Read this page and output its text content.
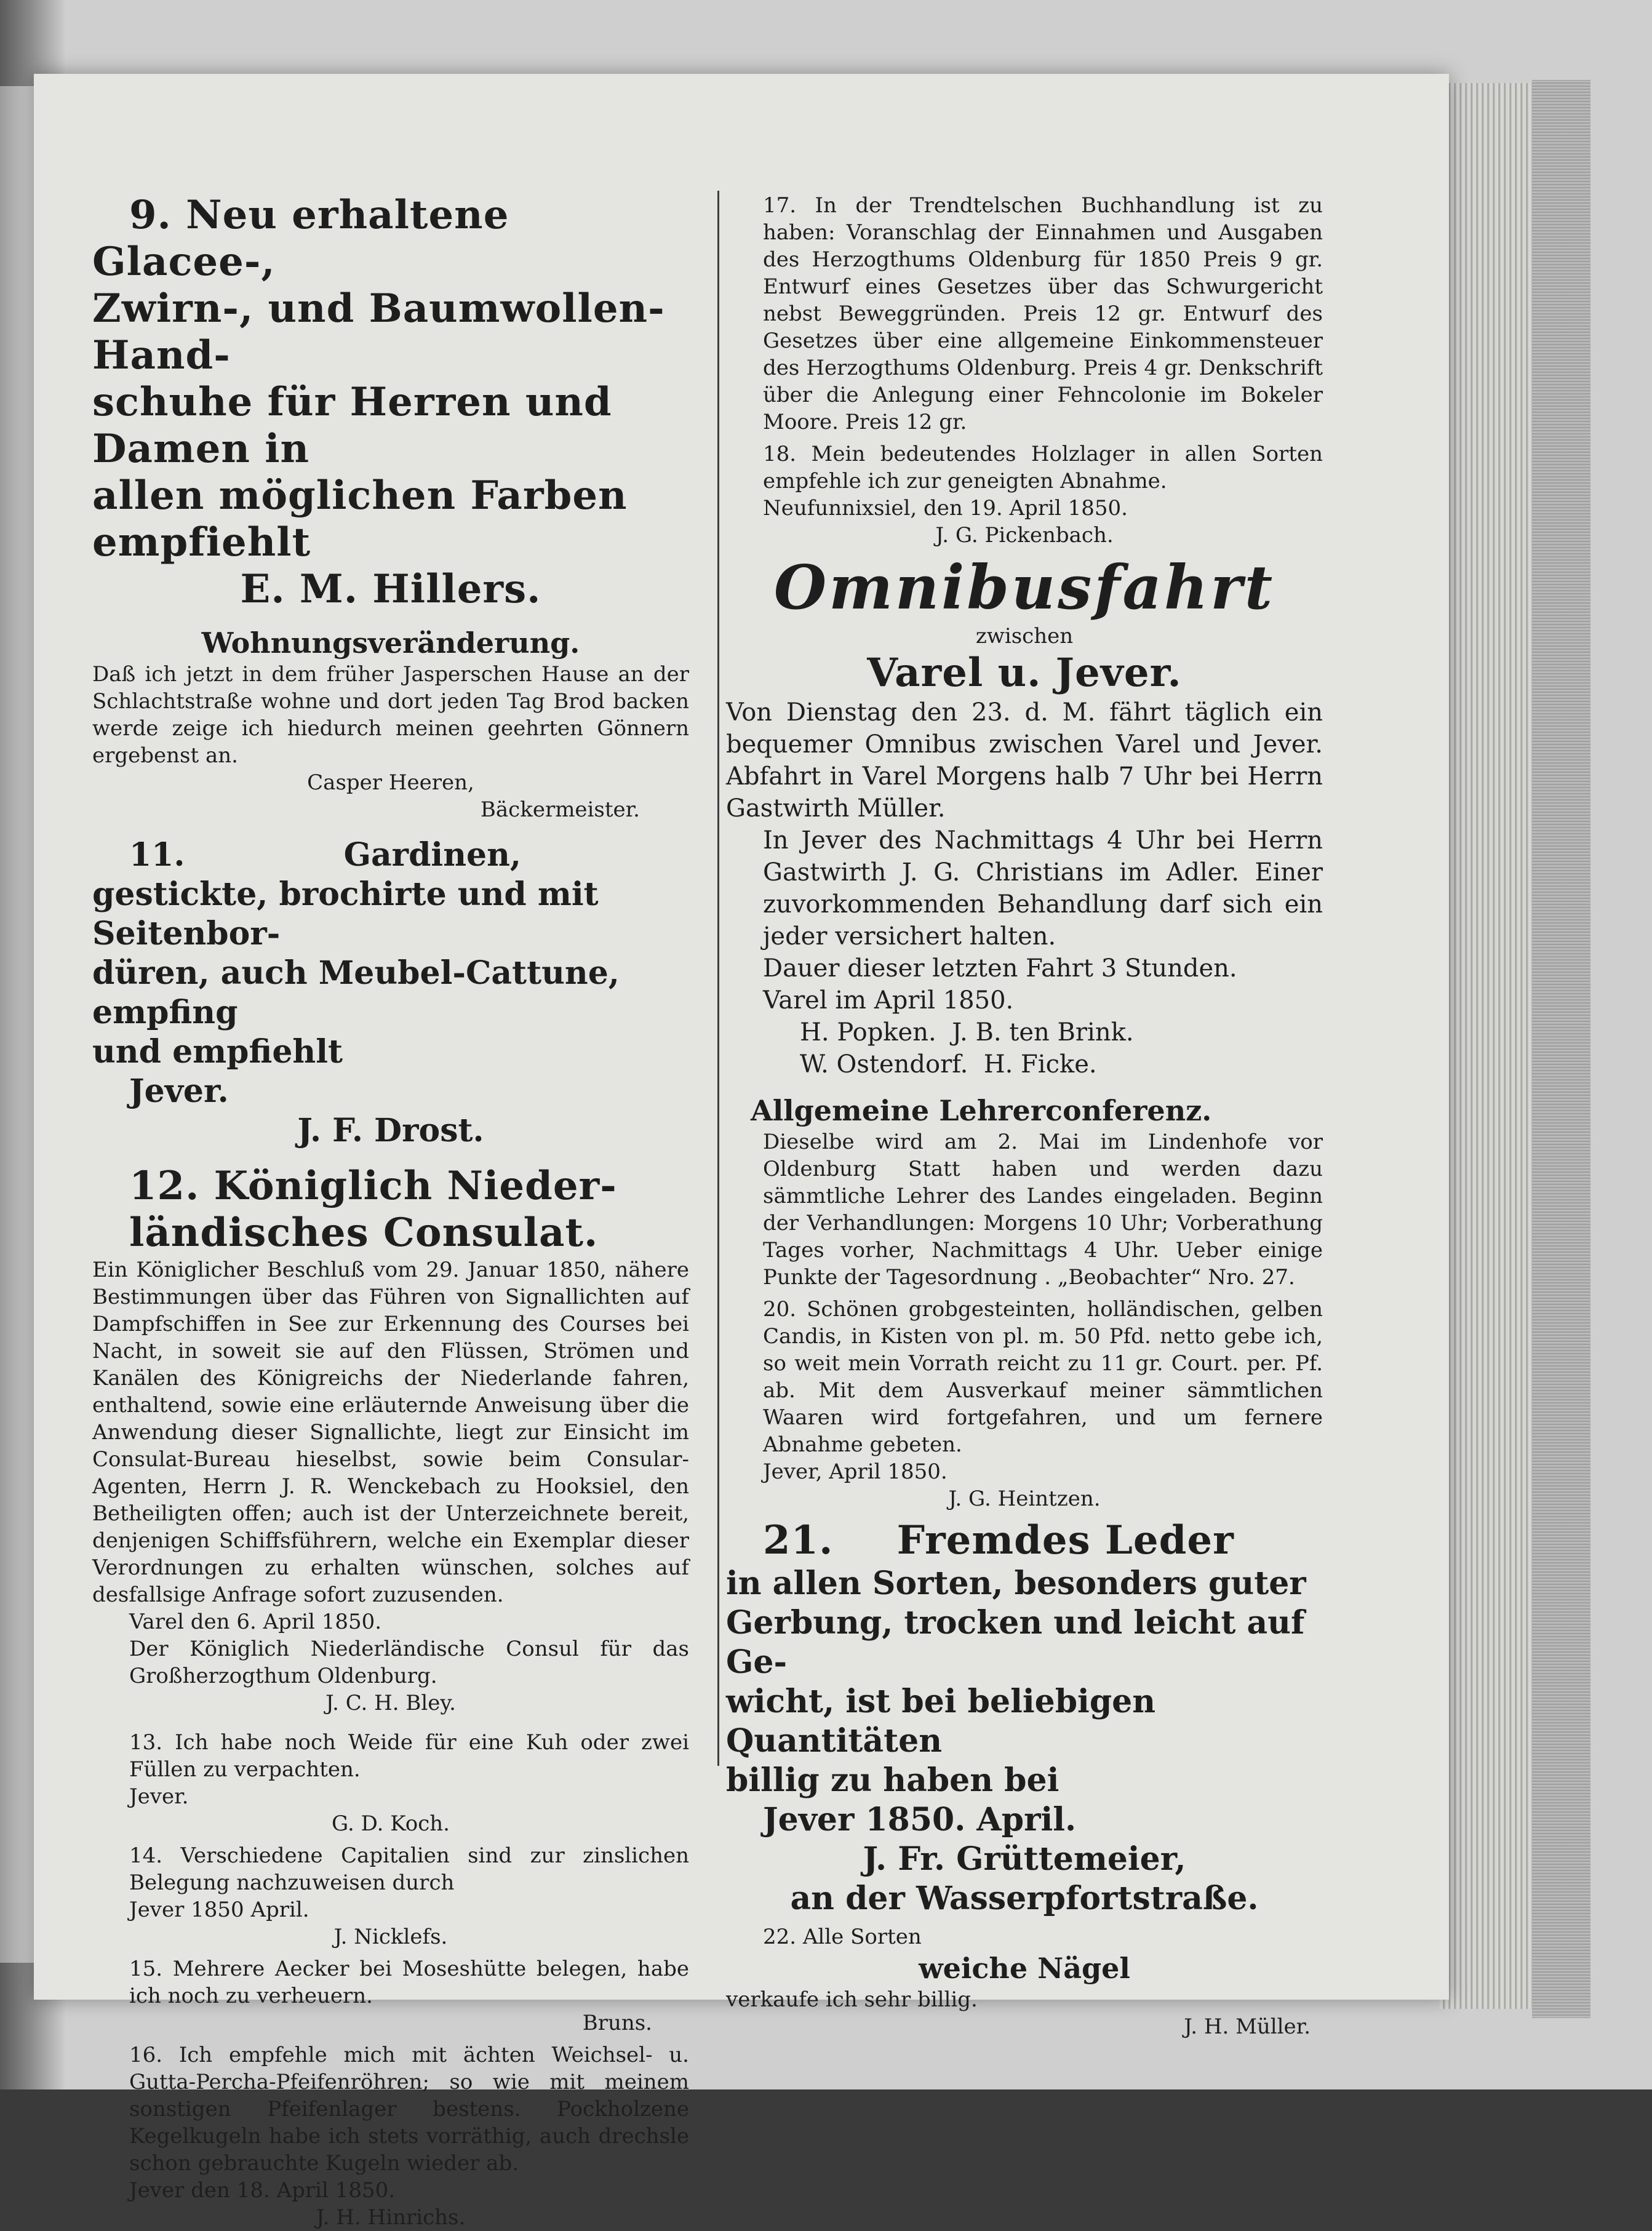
9. Neu erhaltene Glacee-,
Zwirn-, und Baumwollen-Hand-
schuhe für Herren und Damen in
allen möglichen Farben empfiehlt
E. M. Hillers.
Wohnungsveränderung.

Daß ich jetzt in dem früher Jasperschen Hause an der Schlachtstraße wohne und dort jeden Tag Brod backen werde zeige ich hiedurch meinen geehrten Gönnern ergebenst an.

Casper Heeren,
Bäckermeister.
11.	Gardinen,
gestickte, brochirte und mit Seitenbor-
düren, auch Meubel-Cattune, empfing
und empfiehlt
Jever.
J. F. Drost.
12. Königlich Nieder-
ländisches Consulat.

Ein Königlicher Beschluß vom 29. Januar 1850, nähere Bestimmungen über das Führen von Signallichten auf Dampfschiffen in See zur Erkennung des Courses bei Nacht, in soweit sie auf den Flüssen, Strömen und Kanälen des Königreichs der Niederlande fahren, enthaltend, sowie eine erläuternde Anweisung über die Anwendung dieser Signallichte, liegt zur Einsicht im Consulat-Bureau hieselbst, sowie beim Consular-Agenten, Herrn J. R. Wenckebach zu Hooksiel, den Betheiligten offen; auch ist der Unterzeichnete bereit, denjenigen Schiffsführern, welche ein Exemplar dieser Verordnungen zu erhalten wünschen, solches auf desfallsige Anfrage sofort zuzusenden.

Varel den 6. April 1850.

Der Königlich Niederländische Consul für das Großherzogthum Oldenburg.

J. C. H. Bley.

13. Ich habe noch Weide für eine Kuh oder zwei Füllen zu verpachten.

Jever.
G. D. Koch.

14. Verschiedene Capitalien sind zur zinslichen Belegung nachzuweisen durch

Jever 1850 April.
J. Nicklefs.

15. Mehrere Aecker bei Moseshütte belegen, habe ich noch zu verheuern.

Bruns.

16. Ich empfehle mich mit ächten Weichsel- u. Gutta-Percha-Pfeifenröhren; so wie mit meinem sonstigen Pfeifenlager bestens. Pockholzene Kegelkugeln habe ich stets vorräthig, auch drechsle schon gebrauchte Kugeln wieder ab.

Jever den 18. April 1850.
J. H. Hinrichs.

17. In der Trendtelschen Buchhandlung ist zu haben: Voranschlag der Einnahmen und Ausgaben des Herzogthums Oldenburg für 1850 Preis 9 gr. Entwurf eines Gesetzes über das Schwurgericht nebst Beweggründen. Preis 12 gr. Entwurf des Gesetzes über eine allgemeine Einkommensteuer des Herzogthums Oldenburg. Preis 4 gr. Denkschrift über die Anlegung einer Fehncolonie im Bokeler Moore. Preis 12 gr.

18. Mein bedeutendes Holzlager in allen Sorten empfehle ich zur geneigten Abnahme.

Neufunnixsiel, den 19. April 1850.
J. G. Pickenbach.
Omnibusfahrt
zwischen
Varel u. Jever.

Von Dienstag den 23. d. M. fährt täglich ein bequemer Omnibus zwischen Varel und Jever. Abfahrt in Varel Morgens halb 7 Uhr bei Herrn Gastwirth Müller.

In Jever des Nachmittags 4 Uhr bei Herrn Gastwirth J. G. Christians im Adler. Einer zuvorkommenden Behandlung darf sich ein jeder versichert halten.

Dauer dieser letzten Fahrt 3 Stunden.
Varel im April 1850.
H. Popken.  J. B. ten Brink.
W. Ostendorf.  H. Ficke.
Allgemeine Lehrerconferenz.

Dieselbe wird am 2. Mai im Lindenhofe vor Oldenburg Statt haben und werden dazu sämmtliche Lehrer des Landes eingeladen. Beginn der Verhandlungen: Morgens 10 Uhr; Vorberathung Tages vorher, Nachmittags 4 Uhr. Ueber einige Punkte der Tagesordnung . „Beobachter“ Nro. 27.

20. Schönen grobgesteinten, holländischen, gelben Candis, in Kisten von pl. m. 50 Pfd. netto gebe ich, so weit mein Vorrath reicht zu 11 gr. Court. per. Pf. ab. Mit dem Ausverkauf meiner sämmtlichen Waaren wird fortgefahren, und um fernere Abnahme gebeten.

Jever, April 1850.
J. G. Heintzen.
21. Fremdes Leder
in allen Sorten, besonders guter
Gerbung, trocken und leicht auf Ge-
wicht, ist bei beliebigen Quantitäten
billig zu haben bei
Jever 1850. April.
J. Fr. Grüttemeier,
an der Wasserpfortstraße.
22. Alle Sorten
weiche Nägel
verkaufe ich sehr billig.
J. H. Müller.
